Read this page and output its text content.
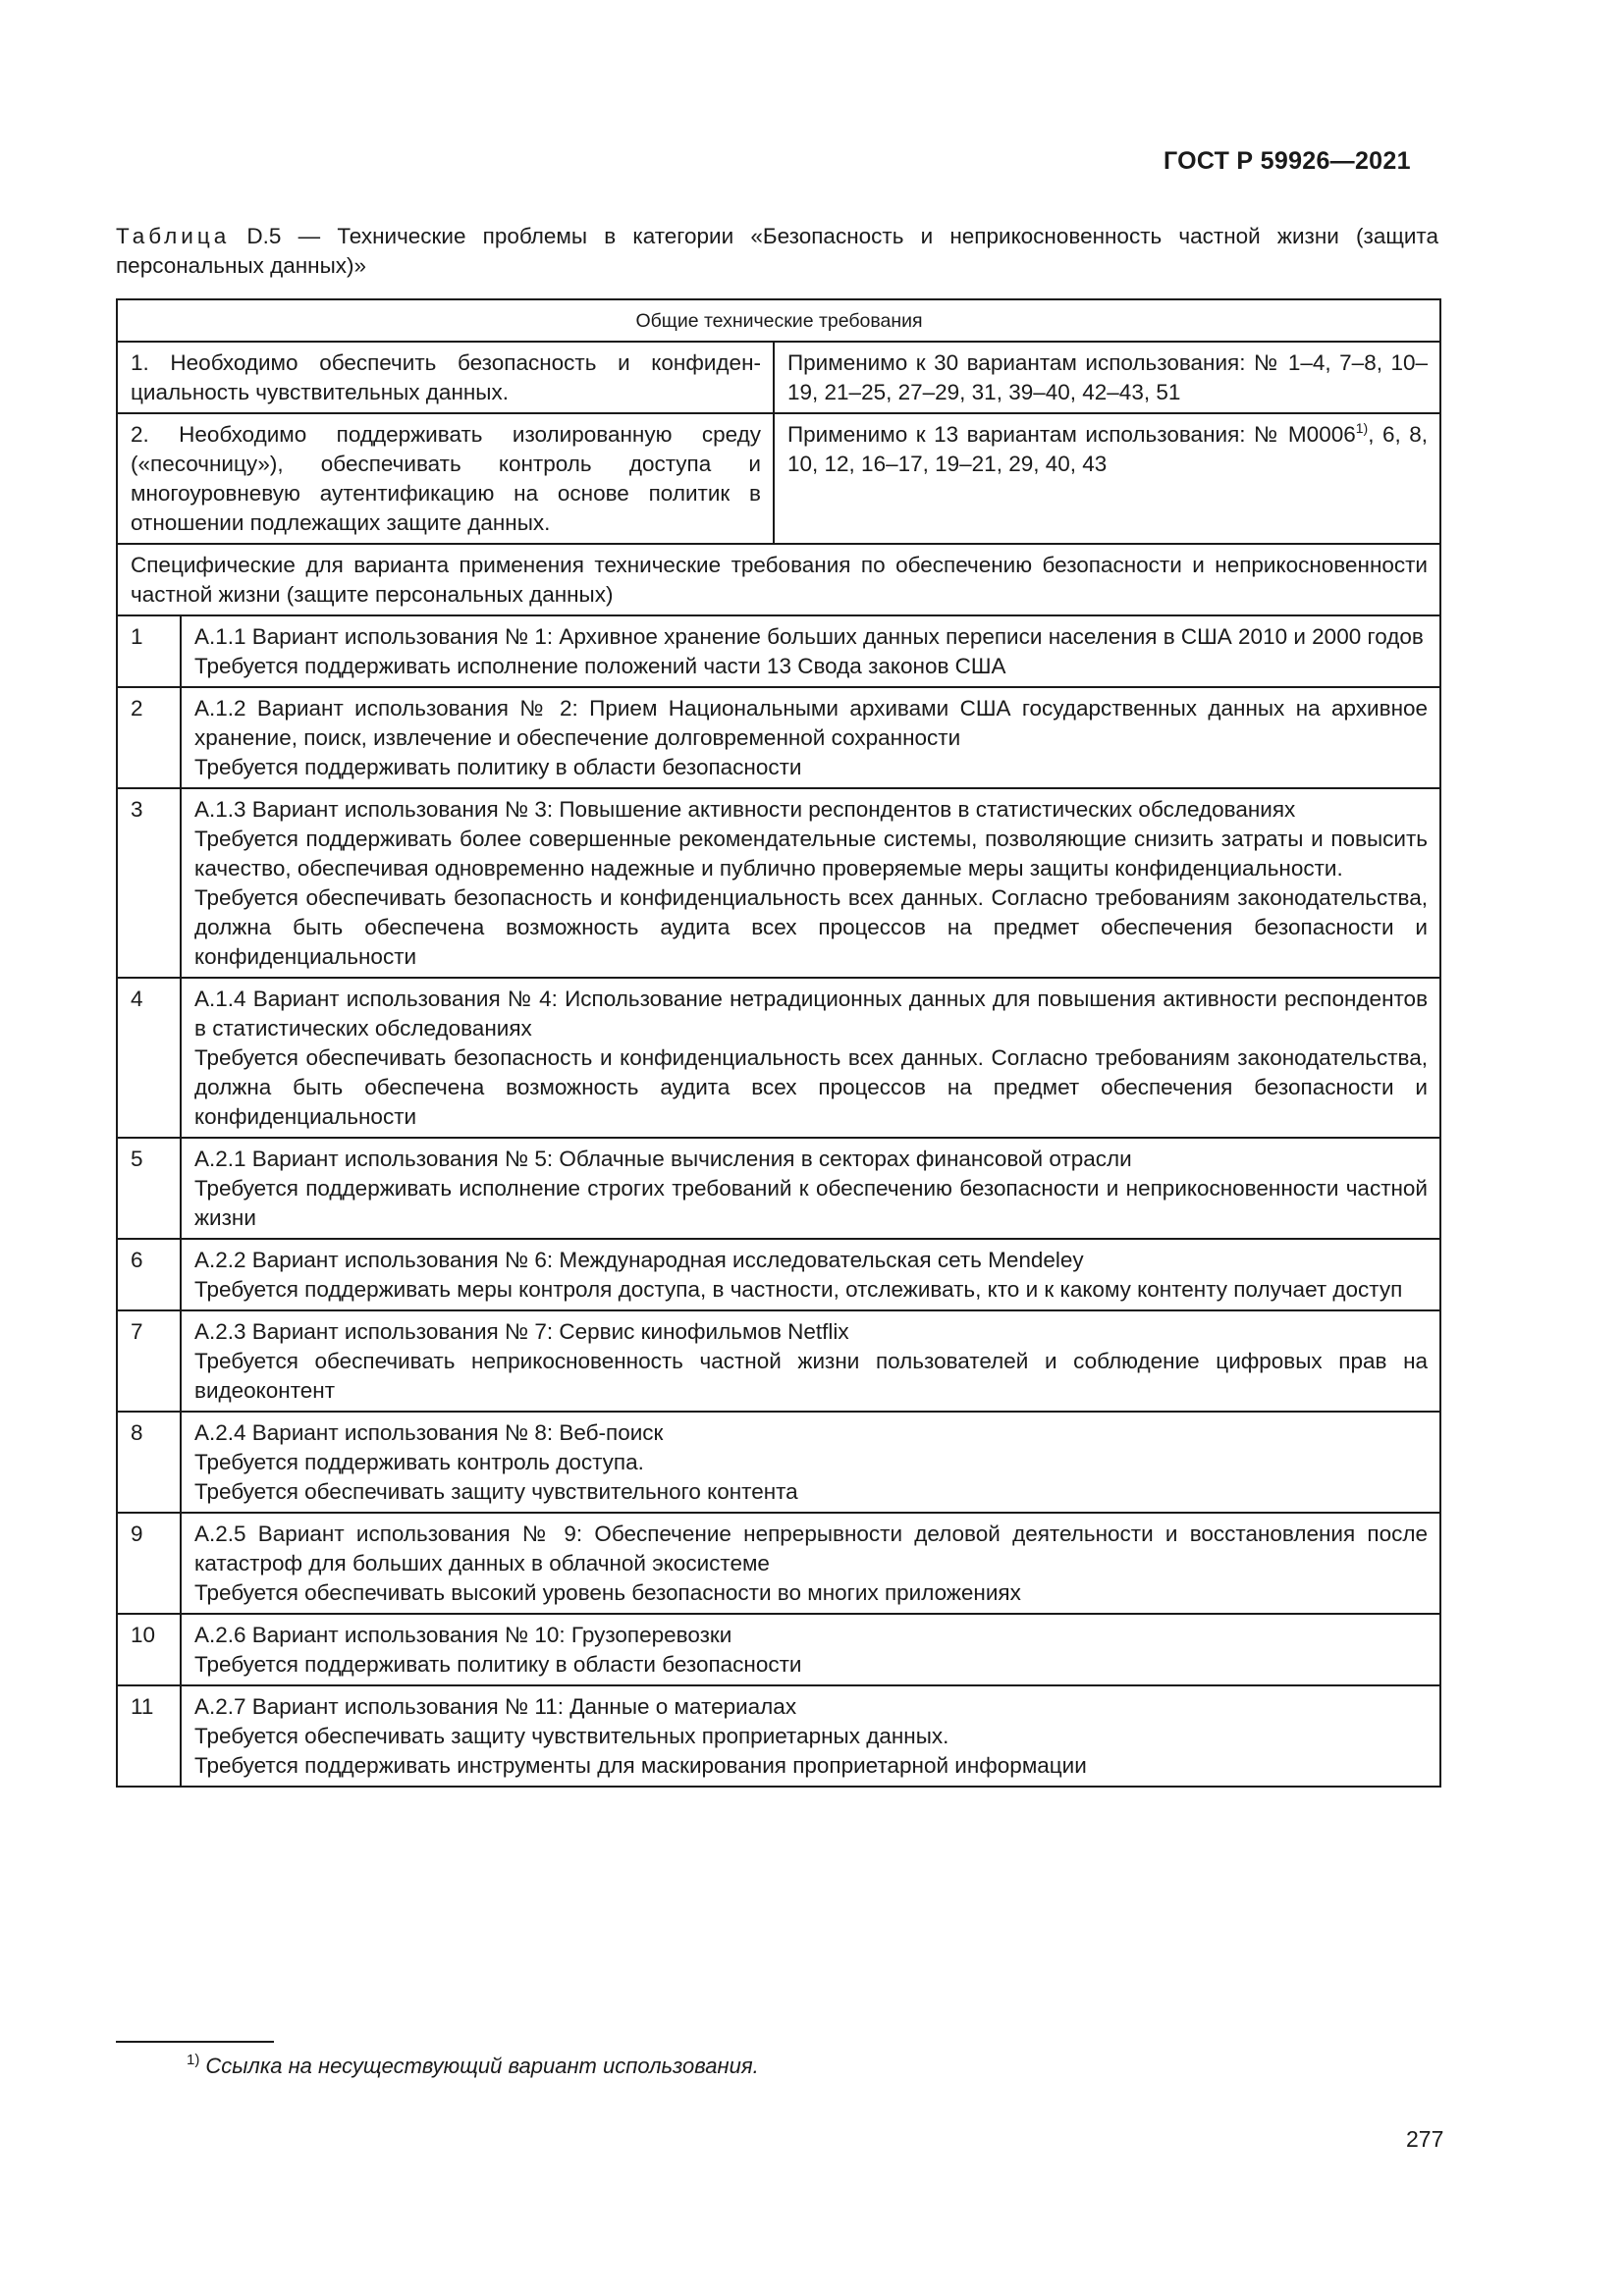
ГОСТ Р 59926—2021
Таблица D.5 — Технические проблемы в категории «Безопасность и неприкосновенность частной жизни (защита персональных данных)»
Общие технические требования		
1. Необходимо обеспечить безопасность и конфиденциальность чувствительных данных.		Применимо к 30 вариантам использования: № 1–4, 7–8, 10–19, 21–25, 27–29, 31, 39–40, 42–43, 51
2. Необходимо поддерживать изолированную среду («песочницу»), обеспечивать контроль доступа и многоуровневую аутентификацию на основе политик в отношении подлежащих защите данных.		Применимо к 13 вариантам использования: № M0006$^{1)}$, 6, 8, 10, 12, 16–17, 19–21, 29, 40, 43
Специфические для варианта применения технические требования по обеспечению безопасности и неприкосновенности частной жизни (защите персональных данных)		
1	А.1.1 Вариант использования № 1: Архивное хранение больших данных переписи населения в США 2010 и 2000 годов
Требуется поддерживать исполнение положений части 13 Свода законов США	

2	А.1.2 Вариант использования № 2: Прием Национальными архивами США государственных данных на архивное хранение, поиск, извлечение и обеспечение долговременной сохранности
Требуется поддерживать политику в области безопасности	

3	А.1.3 Вариант использования № 3: Повышение активности респондентов в статистических обследованиях
Требуется поддерживать более совершенные рекомендательные системы, позволяющие снизить затраты и повысить качество, обеспечивая одновременно надежные и публично проверяемые меры защиты конфиденциальности.
Требуется обеспечивать безопасность и конфиденциальность всех данных. Согласно требованиям законодательства, должна быть обеспечена возможность аудита всех процессов на предмет обеспечения безопасности и конфиденциальности	

4	А.1.4 Вариант использования № 4: Использование нетрадиционных данных для повышения активности респондентов в статистических обследованиях
Требуется обеспечивать безопасность и конфиденциальность всех данных. Согласно требованиям законодательства, должна быть обеспечена возможность аудита всех процессов на предмет обеспечения безопасности и конфиденциальности	

5	А.2.1 Вариант использования № 5: Облачные вычисления в секторах финансовой отрасли
Требуется поддерживать исполнение строгих требований к обеспечению безопасности и неприкосновенности частной жизни	

6	А.2.2 Вариант использования № 6: Международная исследовательская сеть Mendeley
Требуется поддерживать меры контроля доступа, в частности, отслеживать, кто и к какому контенту получает доступ	

7	А.2.3 Вариант использования № 7: Сервис кинофильмов Netflix
Требуется обеспечивать неприкосновенность частной жизни пользователей и соблюдение цифровых прав на видеоконтент	

8	А.2.4 Вариант использования № 8: Веб-поиск
Требуется поддерживать контроль доступа.
Требуется обеспечивать защиту чувствительного контента	

9	А.2.5 Вариант использования № 9: Обеспечение непрерывности деловой деятельности и восстановления после катастроф для больших данных в облачной экосистеме
Требуется обеспечивать высокий уровень безопасности во многих приложениях	

10	А.2.6 Вариант использования № 10: Грузоперевозки
Требуется поддерживать политику в области безопасности	

11	А.2.7 Вариант использования № 11: Данные о материалах
Требуется обеспечивать защиту чувствительных проприетарных данных.
Требуется поддерживать инструменты для маскирования проприетарной информации	
$^{1)}$ Ссылка на несуществующий вариант использования.
277
